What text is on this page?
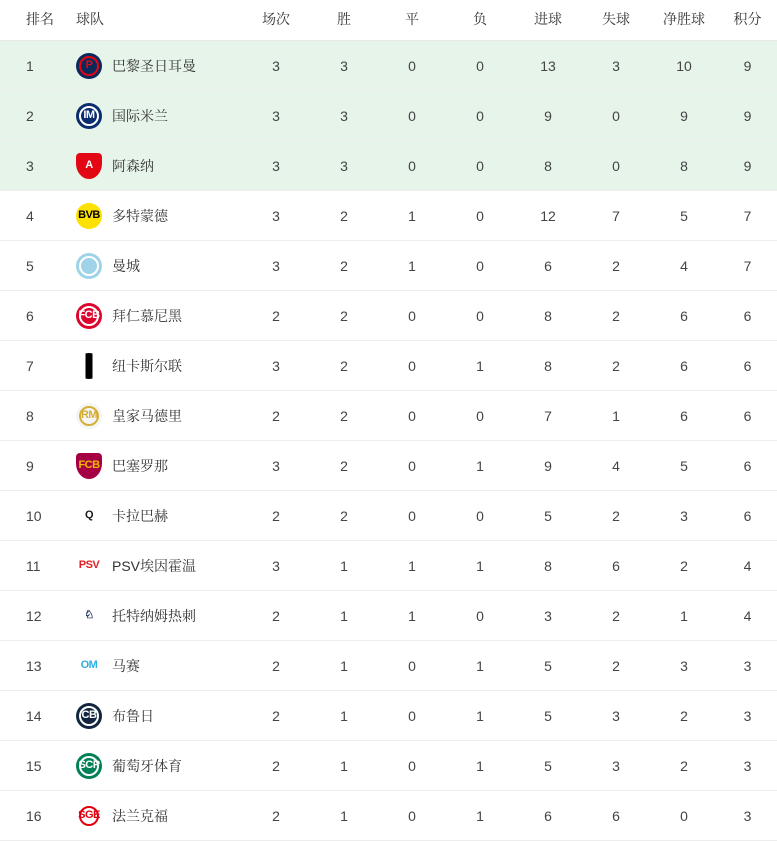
排名	球队	场次	胜	平	负	进球	失球	净胜球	积分
1	P 巴黎圣日耳曼	3	3	0	0	13	3	10	9
2	IM 国际米兰	3	3	0	0	9	0	9	9
3	A 阿森纳	3	3	0	0	8	0	8	9
4	BVB 多特蒙德	3	2	1	0	12	7	5	7
5	曼城	3	2	1	0	6	2	4	7
6	FCB 拜仁慕尼黑	2	2	0	0	8	2	6	6
7	纽卡斯尔联	3	2	0	1	8	2	6	6
8	RM 皇家马德里	2	2	0	0	7	1	6	6
9	FCB 巴塞罗那	3	2	0	1	9	4	5	6
10	Q 卡拉巴赫	2	2	0	0	5	2	3	6
11	PSV PSV埃因霍温	3	1	1	1	8	6	2	4
12	♘ 托特纳姆热刺	2	1	1	0	3	2	1	4
13	OM 马赛	2	1	0	1	5	2	3	3
14	CB 布鲁日	2	1	0	1	5	3	2	3
15	SCP 葡萄牙体育	2	1	0	1	5	3	2	3
16	SGE 法兰克福	2	1	0	1	6	6	0	3
